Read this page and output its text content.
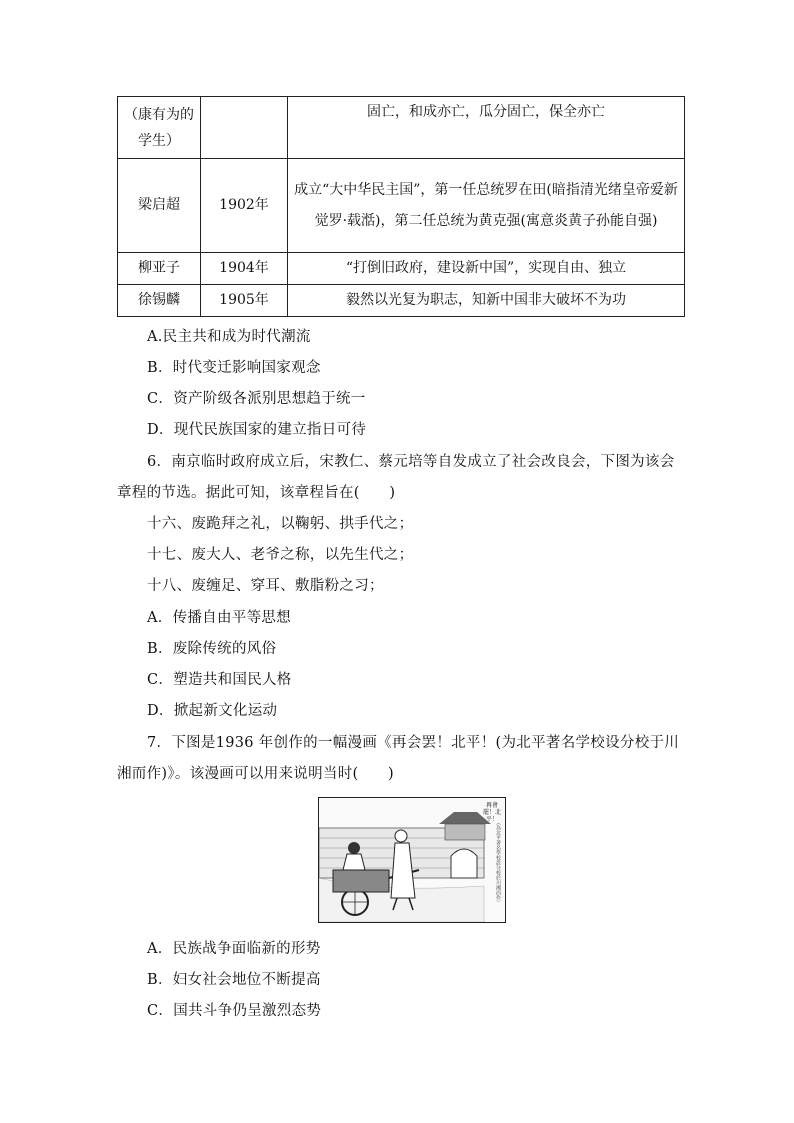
（康有为的学生）		固亡，和成亦亡，瓜分固亡，保全亦亡
梁启超	1902年	成立“大中华民主国”，第一任总统罗在田(暗指清光绪皇帝爱新觉罗·载湉)，第二任总统为黄克强(寓意炎黄子孙能自强)
柳亚子	1904年	“打倒旧政府，建设新中国”，实现自由、独立
徐锡麟	1905年	毅然以光复为职志，知新中国非大破坏不为功
A.民主共和成为时代潮流
B．时代变迁影响国家观念
C．资产阶级各派别思想趋于统一
D．现代民族国家的建立指日可待
6．南京临时政府成立后，宋教仁、蔡元培等自发成立了社会改良会，下图为该会
章程的节选。据此可知，该章程旨在(　　)
十六、废跪拜之礼，以鞠躬、拱手代之；
十七、废大人、老爷之称，以先生代之；
十八、废缠足、穿耳、敷脂粉之习；
A．传播自由平等思想
B．废除传统的风俗
C．塑造共和国民人格
D．掀起新文化运动
7．下图是1936 年创作的一幅漫画《再会罢！北平！(为北平著名学校设分校于川
湘而作)》。该漫画可以用来说明当时(　　)
再會罷！北平！
（為北平著名學校設分校於川湘而作）
A．民族战争面临新的形势
B．妇女社会地位不断提高
C．国共斗争仍呈激烈态势
